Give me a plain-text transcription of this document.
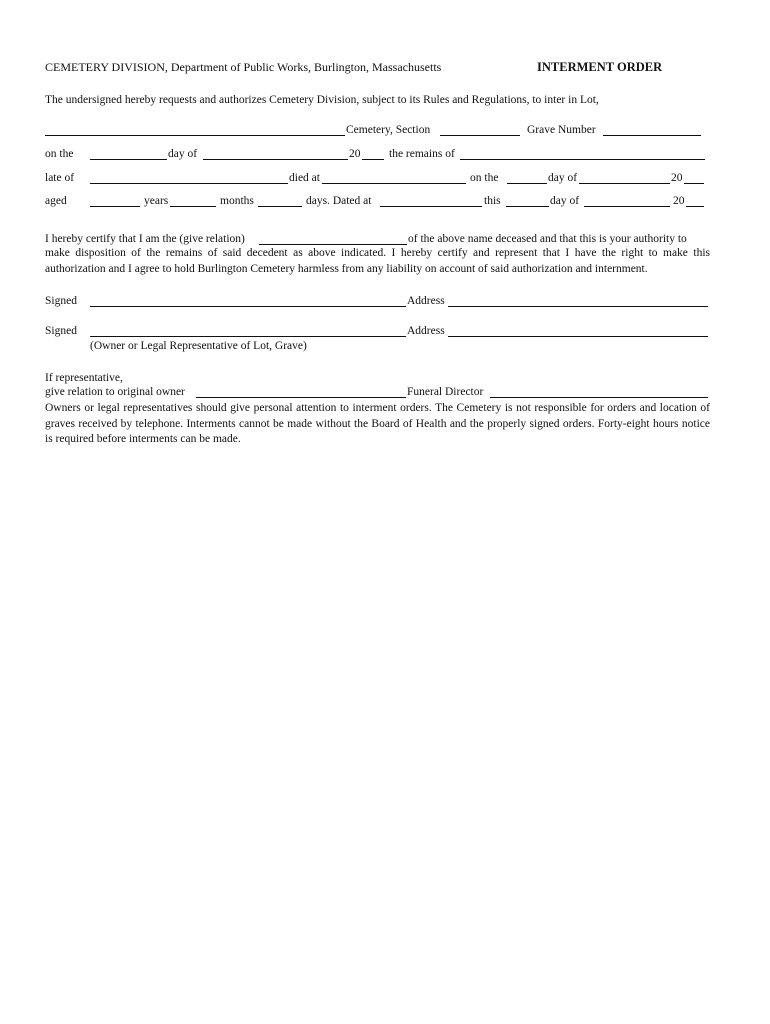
CEMETERY DIVISION, Department of Public Works, Burlington, Massachusetts	INTERMENT ORDER
The undersigned hereby requests and authorizes Cemetery Division, subject to its Rules and Regulations, to inter in Lot,
Cemetery, Section	Grave Number
on the	day of	20 the remains of
late of	died at	on the	day of	20
aged	years	months	days. Dated at	this	day of	20
I hereby certify that I am the (give relation)	of the above name deceased and that this is your authority to
make disposition of the remains of said decedent as above indicated. I hereby certify and represent that I have the right to make this authorization and I agree to hold Burlington Cemetery harmless from any liability on account of said authorization and internment.
Signed	Address
Signed	Address
(Owner or Legal Representative of Lot, Grave)
If representative,
give relation to original owner	Funeral Director
Owners or legal representatives should give personal attention to interment orders. The Cemetery is not responsible for orders and location of graves received by telephone. Interments cannot be made without the Board of Health and the properly signed orders. Forty-eight hours notice is required before interments can be made.
